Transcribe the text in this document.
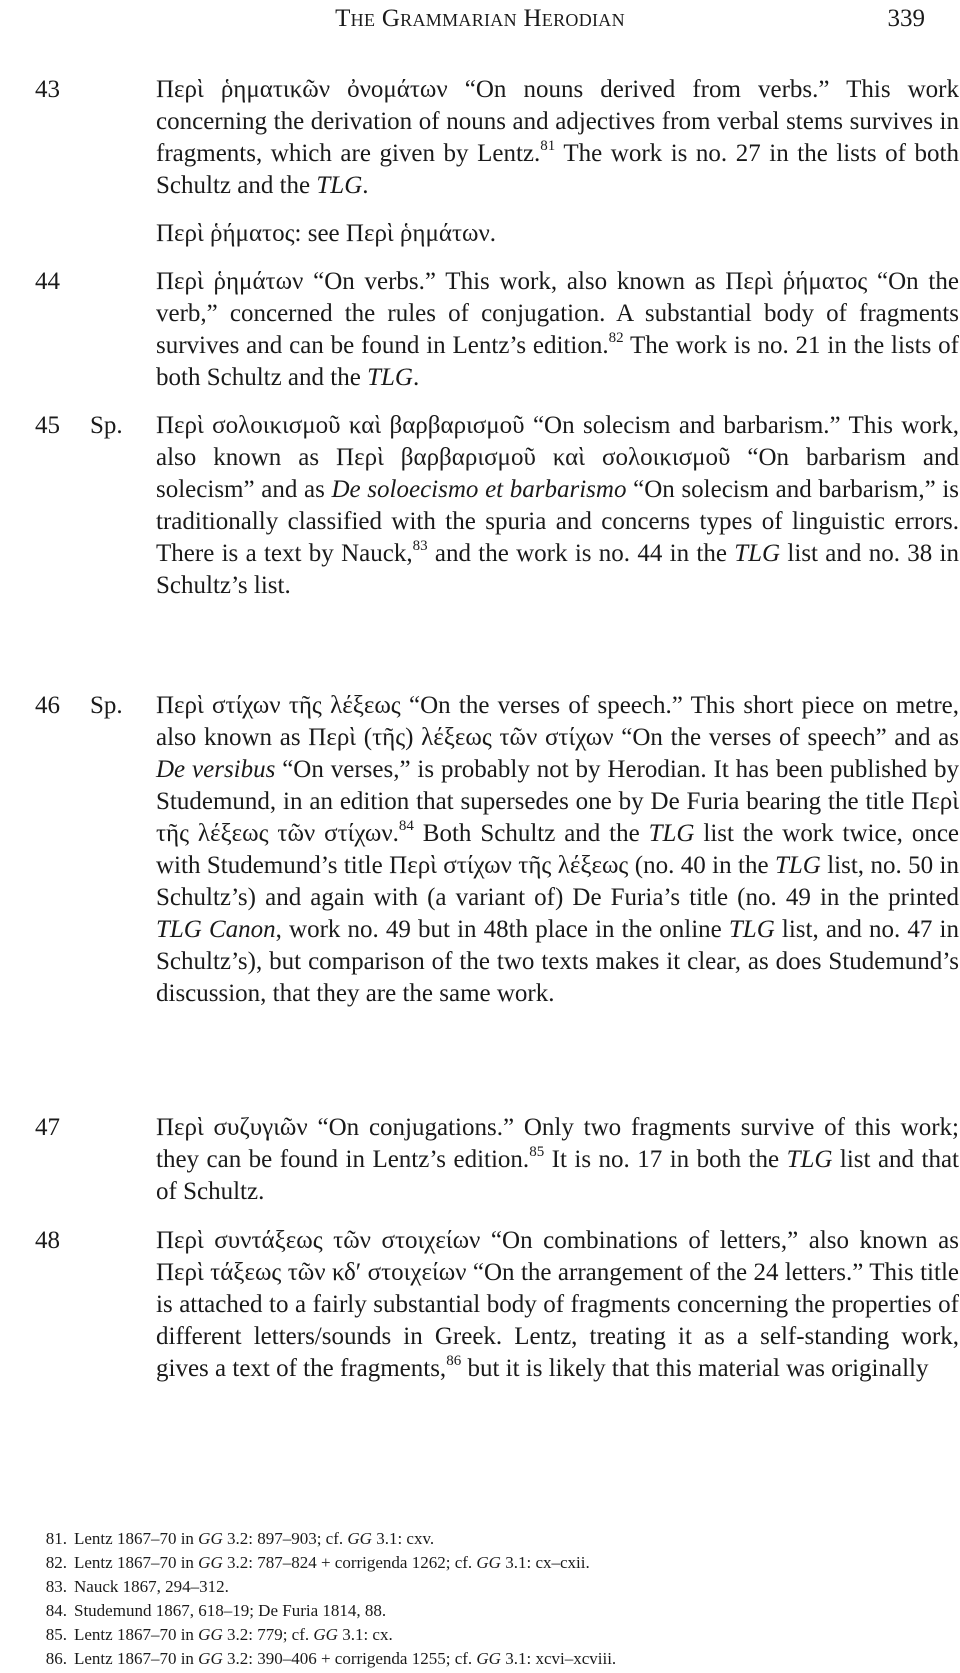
The Grammarian Herodian	339
43	Περὶ ῥηματικῶν ὀνομάτων “On nouns derived from verbs.” This work concerning the derivation of nouns and adjectives from verbal stems survives in fragments, which are given by Lentz.$^{81}$ The work is no. 27 in the lists of both Schultz and the TLG.

Περὶ ῥήματος: see Περὶ ῥημάτων.

44	Περὶ ῥημάτων “On verbs.” This work, also known as Περὶ ῥήματος “On the verb,” concerned the rules of conjugation. A substantial body of fragments survives and can be found in Lentz’s edition.$^{82}$ The work is no. 21 in the lists of both Schultz and the TLG.

45 Sp. Περὶ σολοικισμοῦ καὶ βαρβαρισμοῦ “On solecism and barbarism.” This work, also known as Περὶ βαρβαρισμοῦ καὶ σολοικισμοῦ “On barbarism and solecism” and as De soloecismo et barbarismo “On solecism and barbarism,” is traditionally classified with the spuria and concerns types of linguistic errors. There is a text by Nauck,$^{83}$ and the work is no. 44 in the TLG list and no. 38 in Schultz’s list.

46 Sp. Περὶ στίχων τῆς λέξεως “On the verses of speech.” This short piece on metre, also known as Περὶ (τῆς) λέξεως τῶν στίχων “On the verses of speech” and as De versibus “On verses,” is probably not by Herodian. It has been published by Studemund, in an edition that supersedes one by De Furia bearing the title Περὶ τῆς λέξεως τῶν στίχων.$^{84}$ Both Schultz and the TLG list the work twice, once with Studemund’s title Περὶ στίχων τῆς λέξεως (no. 40 in the TLG list, no. 50 in Schultz’s) and again with (a variant of) De Furia’s title (no. 49 in the printed TLG Canon, work no. 49 but in 48th place in the online TLG list, and no. 47 in Schultz’s), but comparison of the two texts makes it clear, as does Studemund’s discussion, that they are the same work.

47	Περὶ συζυγιῶν “On conjugations.” Only two fragments survive of this work; they can be found in Lentz’s edition.$^{85}$ It is no. 17 in both the TLG list and that of Schultz.

48	Περὶ συντάξεως τῶν στοιχείων “On combinations of letters,” also known as Περὶ τάξεως τῶν κδʹ στοιχείων “On the arrangement of the 24 letters.” This title is attached to a fairly substantial body of fragments concerning the properties of different letters/sounds in Greek. Lentz, treating it as a self-standing work, gives a text of the fragments,$^{86}$ but it is likely that this material was originally

81. Lentz 1867–70 in GG 3.2: 897–903; cf. GG 3.1: cxv.
82. Lentz 1867–70 in GG 3.2: 787–824 + corrigenda 1262; cf. GG 3.1: cx–cxii.
83. Nauck 1867, 294–312.
84. Studemund 1867, 618–19; De Furia 1814, 88.
85. Lentz 1867–70 in GG 3.2: 779; cf. GG 3.1: cx.
86. Lentz 1867–70 in GG 3.2: 390–406 + corrigenda 1255; cf. GG 3.1: xcvi–xcviii.
